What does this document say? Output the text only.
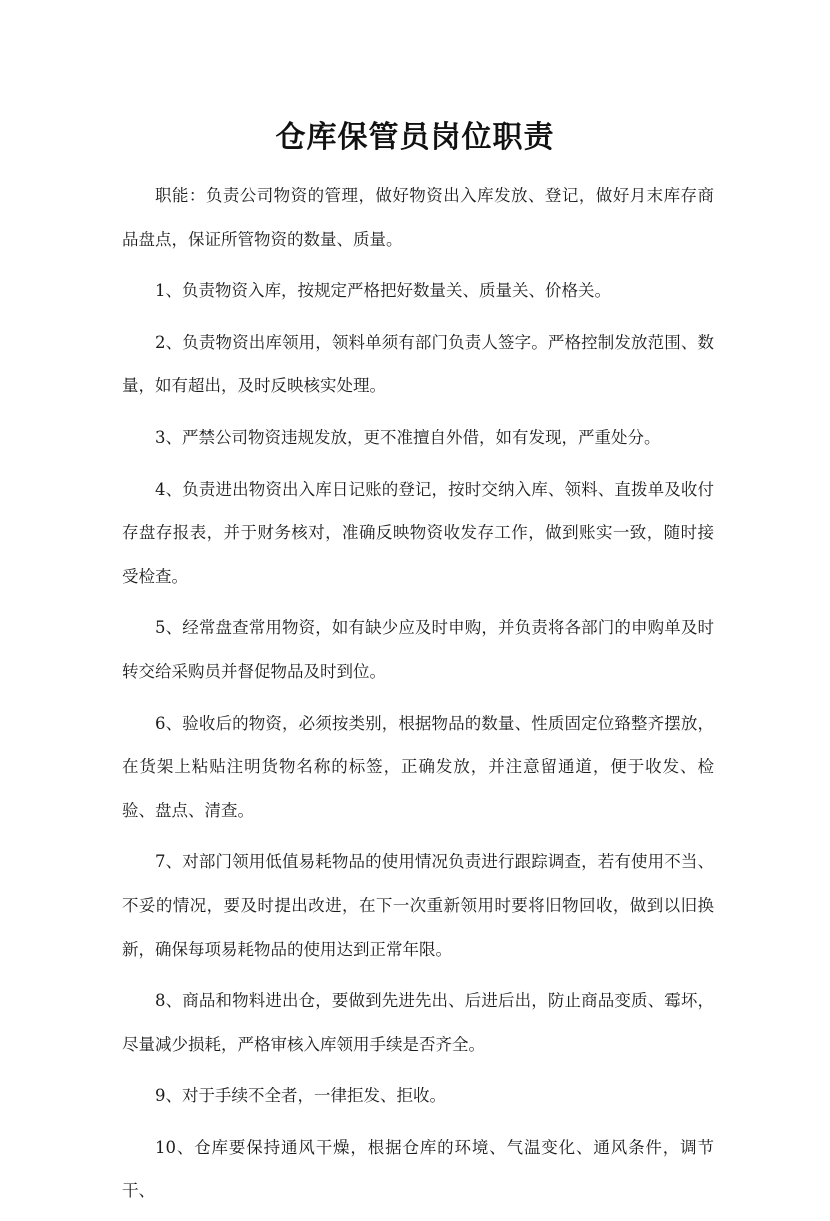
仓库保管员岗位职责

职能：负责公司物资的管理，做好物资出入库发放、登记，做好月末库存商品盘点，保证所管物资的数量、质量。

1、负责物资入库，按规定严格把好数量关、质量关、价格关。

2、负责物资出库领用，领料单须有部门负责人签字。严格控制发放范围、数量，如有超出，及时反映核实处理。

3、严禁公司物资违规发放，更不准擅自外借，如有发现，严重处分。

4、负责进出物资出入库日记账的登记，按时交纳入库、领料、直拨单及收付存盘存报表，并于财务核对，准确反映物资收发存工作，做到账实一致，随时接受检查。

5、经常盘查常用物资，如有缺少应及时申购，并负责将各部门的申购单及时转交给采购员并督促物品及时到位。

6、验收后的物资，必须按类别，根据物品的数量、性质固定位臵整齐摆放，在货架上粘贴注明货物名称的标签，正确发放，并注意留通道，便于收发、检验、盘点、清查。

7、对部门领用低值易耗物品的使用情况负责进行跟踪调查，若有使用不当、不妥的情况，要及时提出改进，在下一次重新领用时要将旧物回收，做到以旧换新，确保每项易耗物品的使用达到正常年限。

8、商品和物料进出仓，要做到先进先出、后进后出，防止商品变质、霉坏，尽量减少损耗，严格审核入库领用手续是否齐全。

9、对于手续不全者，一律拒发、拒收。

10、仓库要保持通风干燥，根据仓库的环境、气温变化、通风条件，调节干、
